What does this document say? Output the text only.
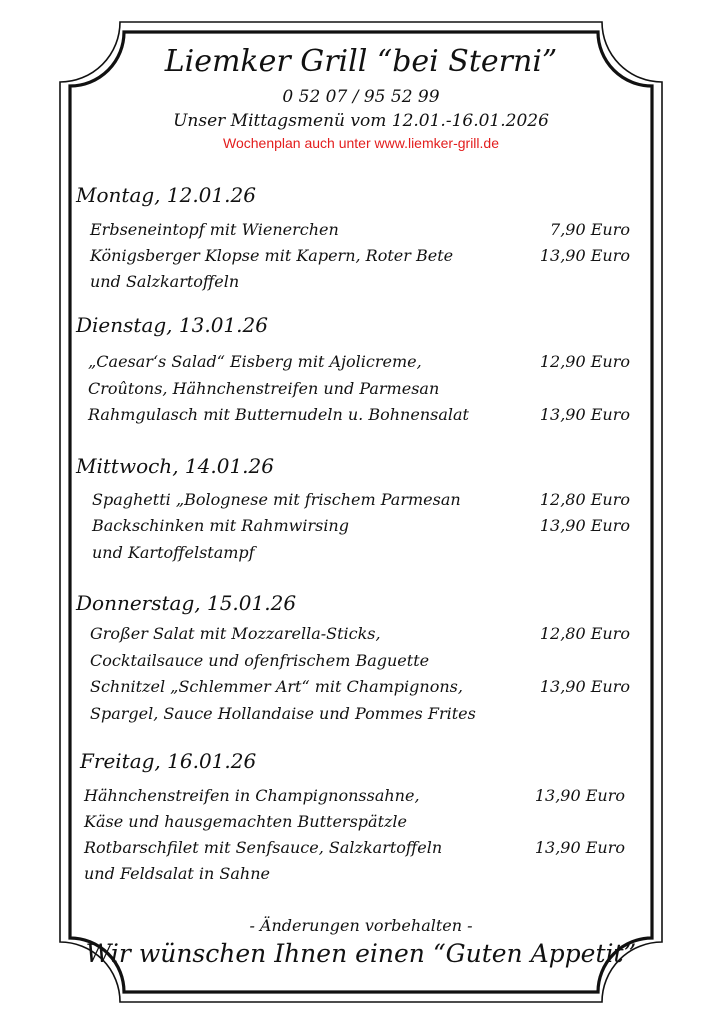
Liemker Grill “bei Sterni”
0 52 07 / 95 52 99
Unser Mittagsmenü vom 12.01.-16.01.2026
Wochenplan auch unter www.liemker-grill.de
Montag, 12.01.26
Erbseneintopf mit Wienerchen
Königsberger Klopse mit Kapern, Roter Bete
und Salzkartoffeln
7,90 Euro
13,90 Euro
Dienstag, 13.01.26
„Caesar‘s Salad“ Eisberg mit Ajolicreme,
Croûtons, Hähnchenstreifen und Parmesan
Rahmgulasch mit Butternudeln u. Bohnensalat
12,90 Euro
13,90 Euro
Mittwoch, 14.01.26
Spaghetti „Bolognese mit frischem Parmesan
Backschinken mit Rahmwirsing
und Kartoffelstampf
12,80 Euro
13,90 Euro
Donnerstag, 15.01.26
Großer Salat mit Mozzarella-Sticks,
Cocktailsauce und ofenfrischem Baguette
Schnitzel „Schlemmer Art“ mit Champignons,
Spargel, Sauce Hollandaise und Pommes Frites
12,80 Euro
13,90 Euro
Freitag, 16.01.26
Hähnchenstreifen in Champignonssahne,
Käse und hausgemachten Butterspätzle
Rotbarschfilet mit Senfsauce, Salzkartoffeln
und Feldsalat in Sahne
13,90 Euro
13,90 Euro
- Änderungen vorbehalten -
Wir wünschen Ihnen einen “Guten Appetit”
